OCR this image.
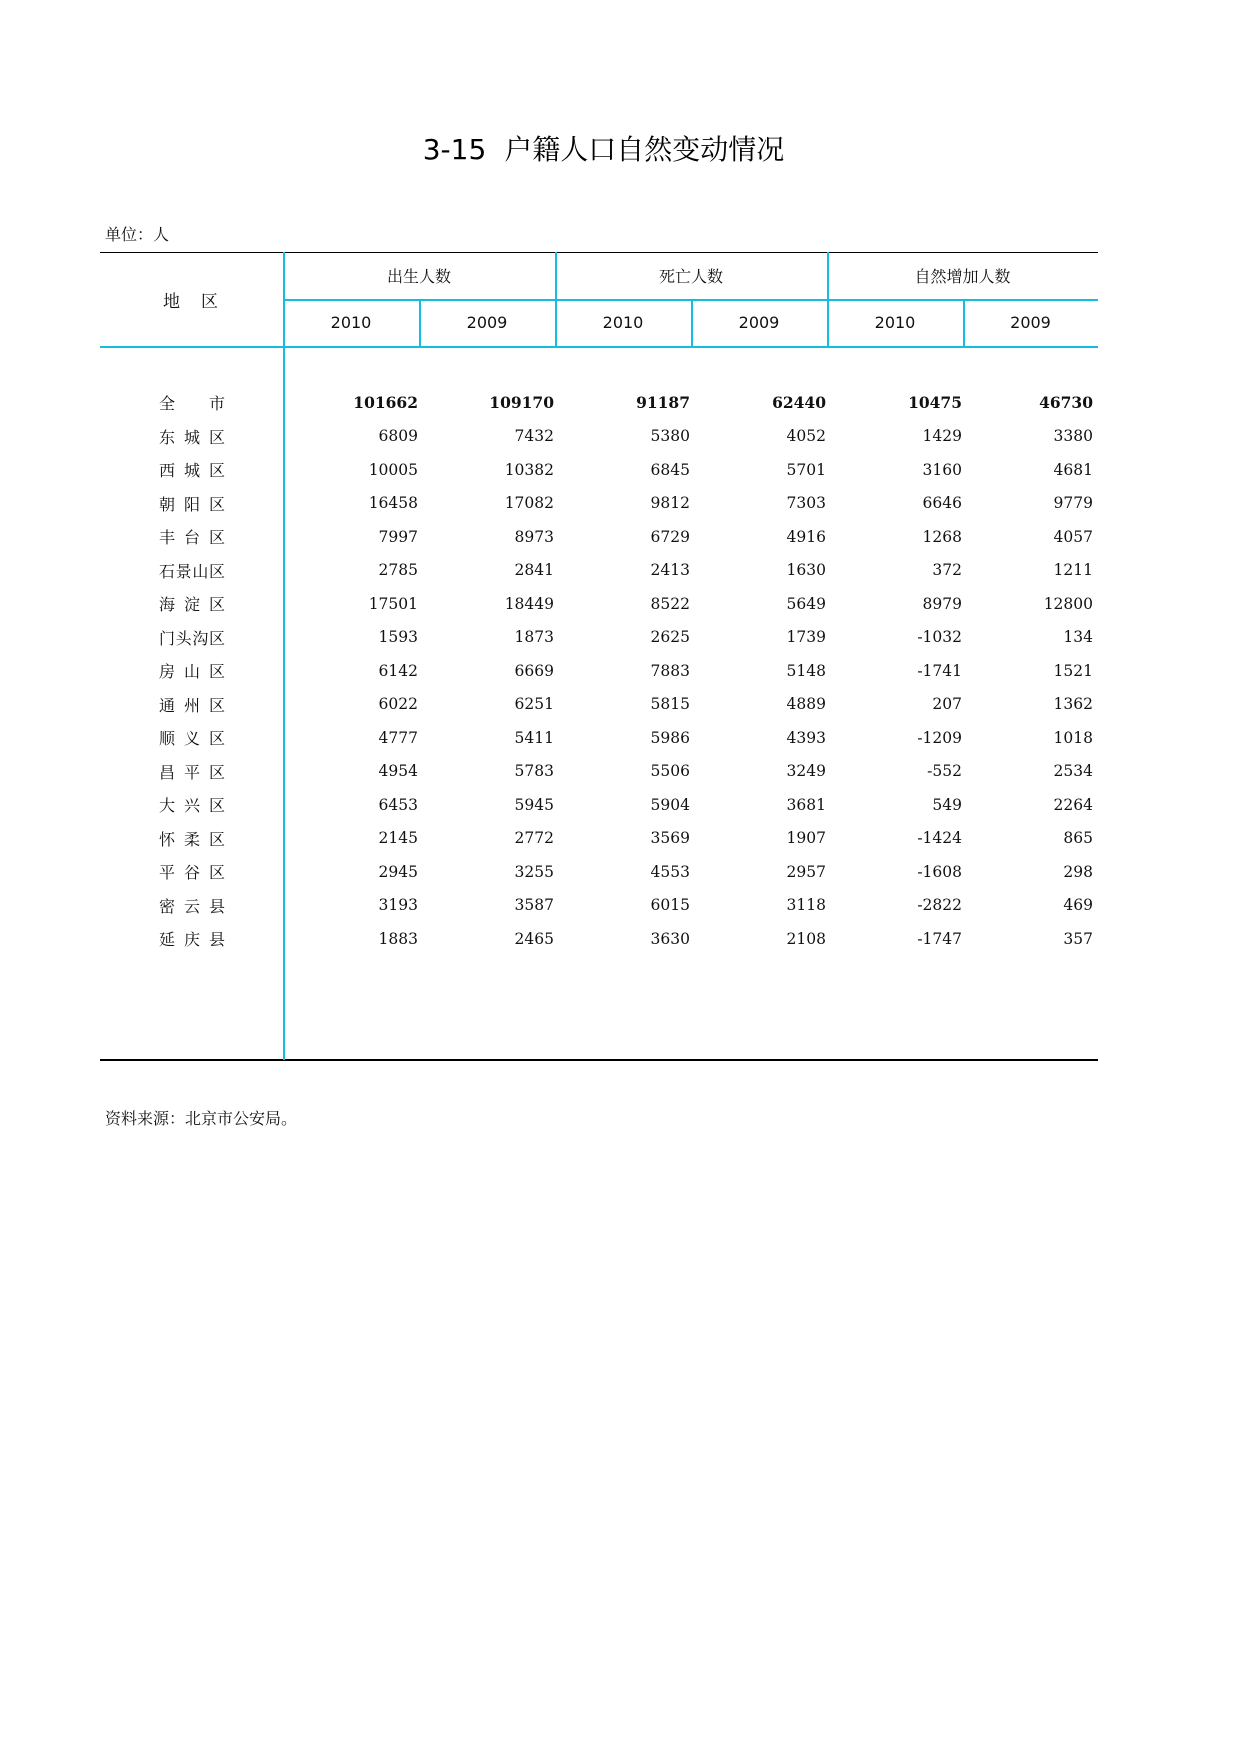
3-15 户籍人口自然变动情况
单位：人
地　区
出生人数	死亡人数	自然增加人数
2010	2009	2010	2009	2010	2009
全　市	101662	109170	91187	62440	10475	46730
东城区	6809	7432	5380	4052	1429	3380
西城区	10005	10382	6845	5701	3160	4681
朝阳区	16458	17082	9812	7303	6646	9779
丰台区	7997	8973	6729	4916	1268	4057
石景山区	2785	2841	2413	1630	372	1211
海淀区	17501	18449	8522	5649	8979	12800
门头沟区	1593	1873	2625	1739	-1032	134
房山区	6142	6669	7883	5148	-1741	1521
通州区	6022	6251	5815	4889	207	1362
顺义区	4777	5411	5986	4393	-1209	1018
昌平区	4954	5783	5506	3249	-552	2534
大兴区	6453	5945	5904	3681	549	2264
怀柔区	2145	2772	3569	1907	-1424	865
平谷区	2945	3255	4553	2957	-1608	298
密云县	3193	3587	6015	3118	-2822	469
延庆县	1883	2465	3630	2108	-1747	357
资料来源：北京市公安局。
